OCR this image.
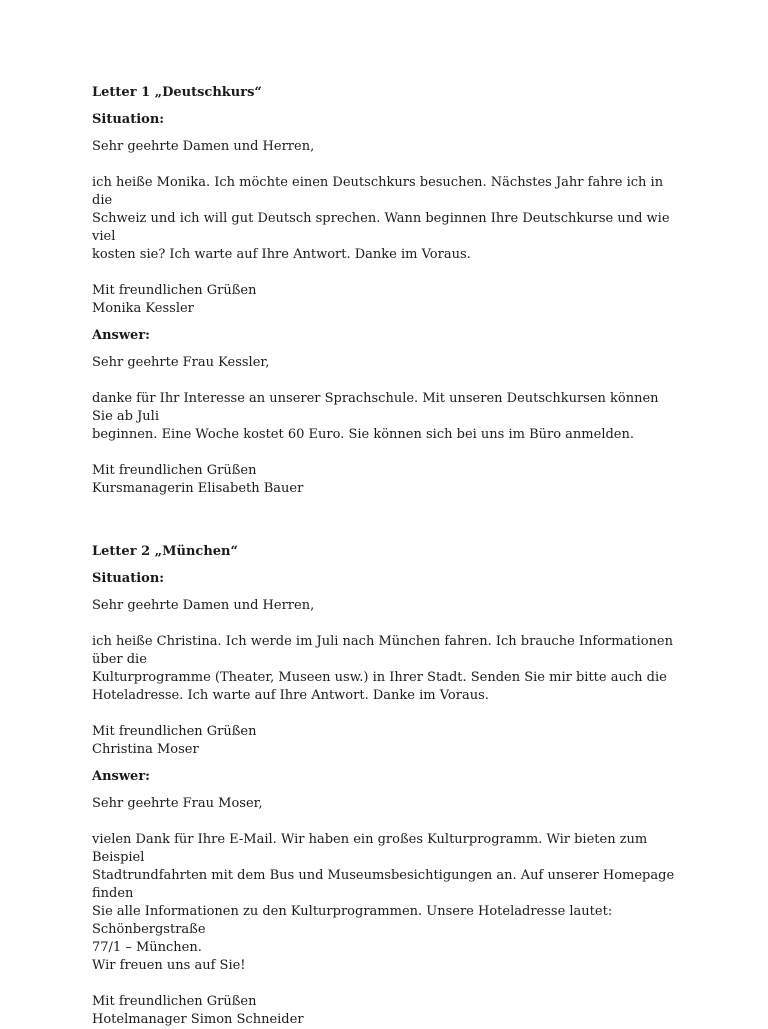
Letter 1 „Deutschkurs“

Situation:

Sehr geehrte Damen und Herren,

ich heiße Monika. Ich möchte einen Deutschkurs besuchen. Nächstes Jahr fahre ich in die
Schweiz und ich will gut Deutsch sprechen. Wann beginnen Ihre Deutschkurse und wie viel
kosten sie? Ich warte auf Ihre Antwort. Danke im Voraus.

Mit freundlichen Grüßen
Monika Kessler

Answer:

Sehr geehrte Frau Kessler,

danke für Ihr Interesse an unserer Sprachschule. Mit unseren Deutschkursen können Sie ab Juli
beginnen. Eine Woche kostet 60 Euro. Sie können sich bei uns im Büro anmelden.

Mit freundlichen Grüßen
Kursmanagerin Elisabeth Bauer

Letter 2 „München“

Situation:

Sehr geehrte Damen und Herren,

ich heiße Christina. Ich werde im Juli nach München fahren. Ich brauche Informationen über die
Kulturprogramme (Theater, Museen usw.) in Ihrer Stadt. Senden Sie mir bitte auch die
Hoteladresse. Ich warte auf Ihre Antwort. Danke im Voraus.

Mit freundlichen Grüßen
Christina Moser

Answer:

Sehr geehrte Frau Moser,

vielen Dank für Ihre E-Mail. Wir haben ein großes Kulturprogramm. Wir bieten zum Beispiel
Stadtrundfahrten mit dem Bus und Museumsbesichtigungen an. Auf unserer Homepage finden
Sie alle Informationen zu den Kulturprogrammen. Unsere Hoteladresse lautet: Schönbergstraße
77/1 – München.
Wir freuen uns auf Sie!

Mit freundlichen Grüßen
Hotelmanager Simon Schneider
